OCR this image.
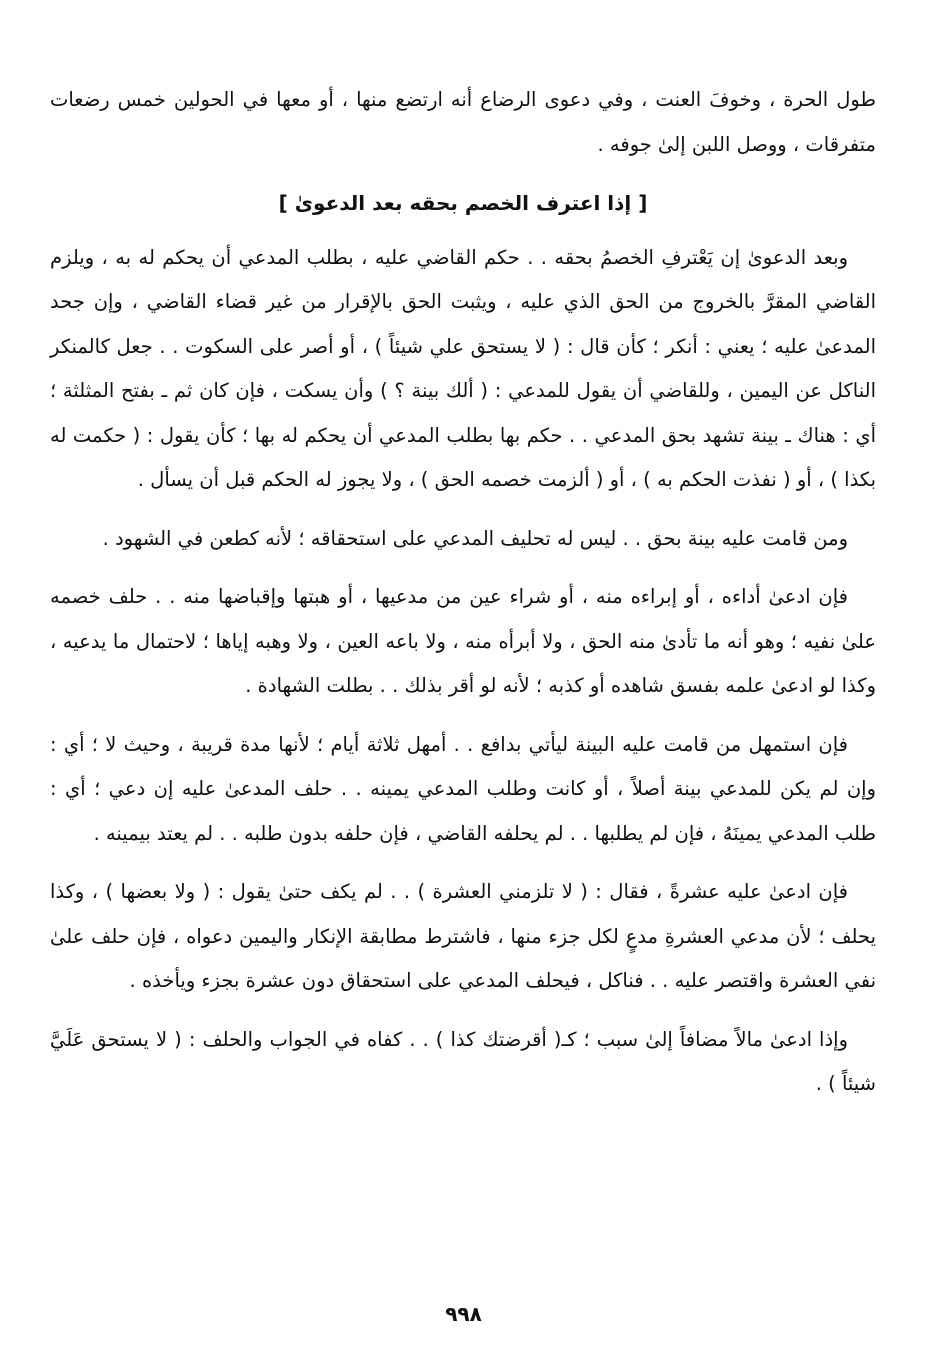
طول الحرة ، وخوفَ العنت ، وفي دعوى الرضاع أنه ارتضع منها ، أو معها في الحولين خمس رضعات متفرقات ، ووصل اللبن إلىٰ جوفه .

[ إذا اعترف الخصم بحقه بعد الدعوىٰ ]

وبعد الدعوىٰ إن يَعْترفِ الخصمُ بحقه . . حكم القاضي عليه ، بطلب المدعي أن يحكم له به ، ويلزم القاضي المقرَّ بالخروج من الحق الذي عليه ، ويثبت الحق بالإقرار من غير قضاء القاضي ، وإن جحد المدعىٰ عليه ؛ يعني : أنكر ؛ كأن قال : ( لا يستحق علي شيئاً ) ، أو أصر على السكوت . . جعل كالمنكر الناكل عن اليمين ، وللقاضي أن يقول للمدعي : ( ألك بينة ؟ ) وأن يسكت ، فإن كان ثم ـ بفتح المثلثة ؛ أي : هناك ـ بينة تشهد بحق المدعي . . حكم بها بطلب المدعي أن يحكم له بها ؛ كأن يقول : ( حكمت له بكذا ) ، أو ( نفذت الحكم به ) ، أو ( ألزمت خصمه الحق ) ، ولا يجوز له الحكم قبل أن يسأل .

ومن قامت عليه بينة بحق . . ليس له تحليف المدعي على استحقاقه ؛ لأنه كطعن في الشهود .

فإن ادعىٰ أداءه ، أو إبراءه منه ، أو شراء عين من مدعيها ، أو هبتها وإقباضها منه . . حلف خصمه علىٰ نفيه ؛ وهو أنه ما تأدىٰ منه الحق ، ولا أبرأه منه ، ولا باعه العين ، ولا وهبه إياها ؛ لاحتمال ما يدعيه ، وكذا لو ادعىٰ علمه بفسق شاهده أو كذبه ؛ لأنه لو أقر بذلك . . بطلت الشهادة .

فإن استمهل من قامت عليه البينة ليأتي بدافع . . أمهل ثلاثة أيام ؛ لأنها مدة قريبة ، وحيث لا ؛ أي : وإن لم يكن للمدعي بينة أصلاً ، أو كانت وطلب المدعي يمينه . . حلف المدعىٰ عليه إن دعي ؛ أي : طلب المدعي يمينَهُ ، فإن لم يطلبها . . لم يحلفه القاضي ، فإن حلفه بدون طلبه . . لم يعتد بيمينه .

فإن ادعىٰ عليه عشرةً ، فقال : ( لا تلزمني العشرة ) . . لم يكف حتىٰ يقول : ( ولا بعضها ) ، وكذا يحلف ؛ لأن مدعي العشرةِ مدعٍ لكل جزء منها ، فاشترط مطابقة الإنكار واليمين دعواه ، فإن حلف علىٰ نفي العشرة واقتصر عليه . . فناكل ، فيحلف المدعي على استحقاق دون عشرة بجزء ويأخذه .

وإذا ادعىٰ مالاً مضافاً إلىٰ سبب ؛ كـ( أقرضتك كذا ) . . كفاه في الجواب والحلف : ( لا يستحق عَلَيَّ شيئاً ) .

٩٩٨
